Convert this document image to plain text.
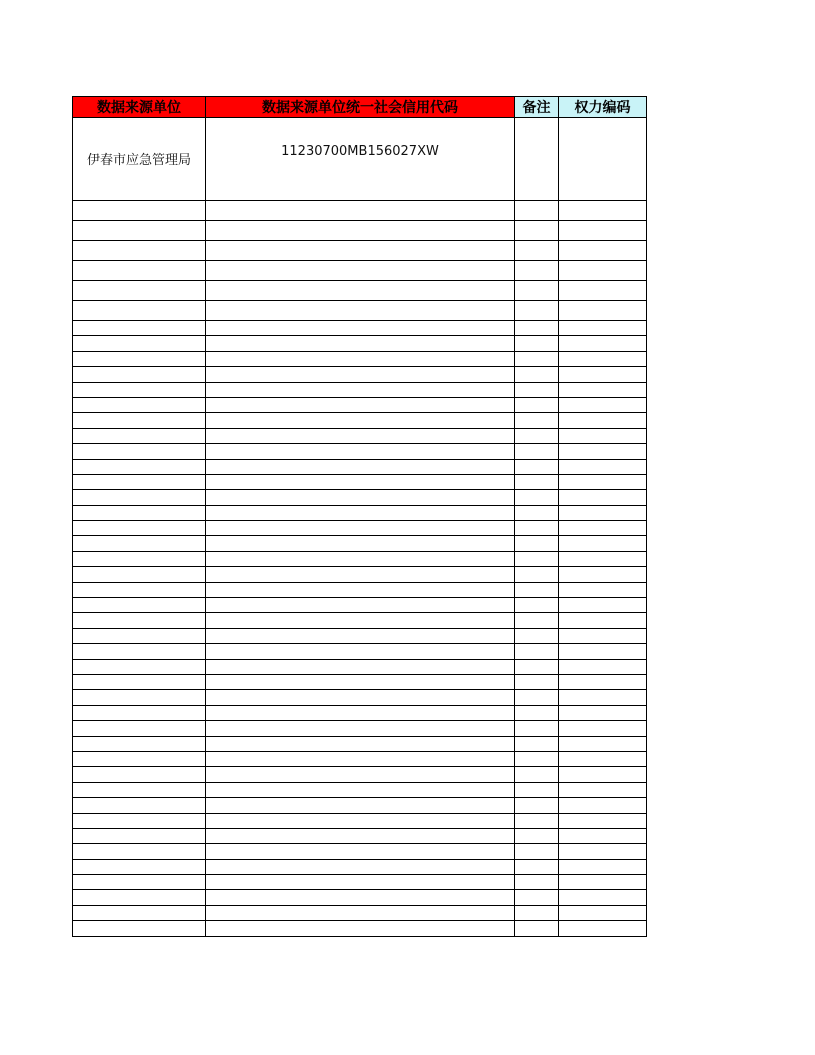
数据来源单位	数据来源单位统一社会信用代码	备注	权力编码
伊春市应急管理局	11230700MB156027XW		
